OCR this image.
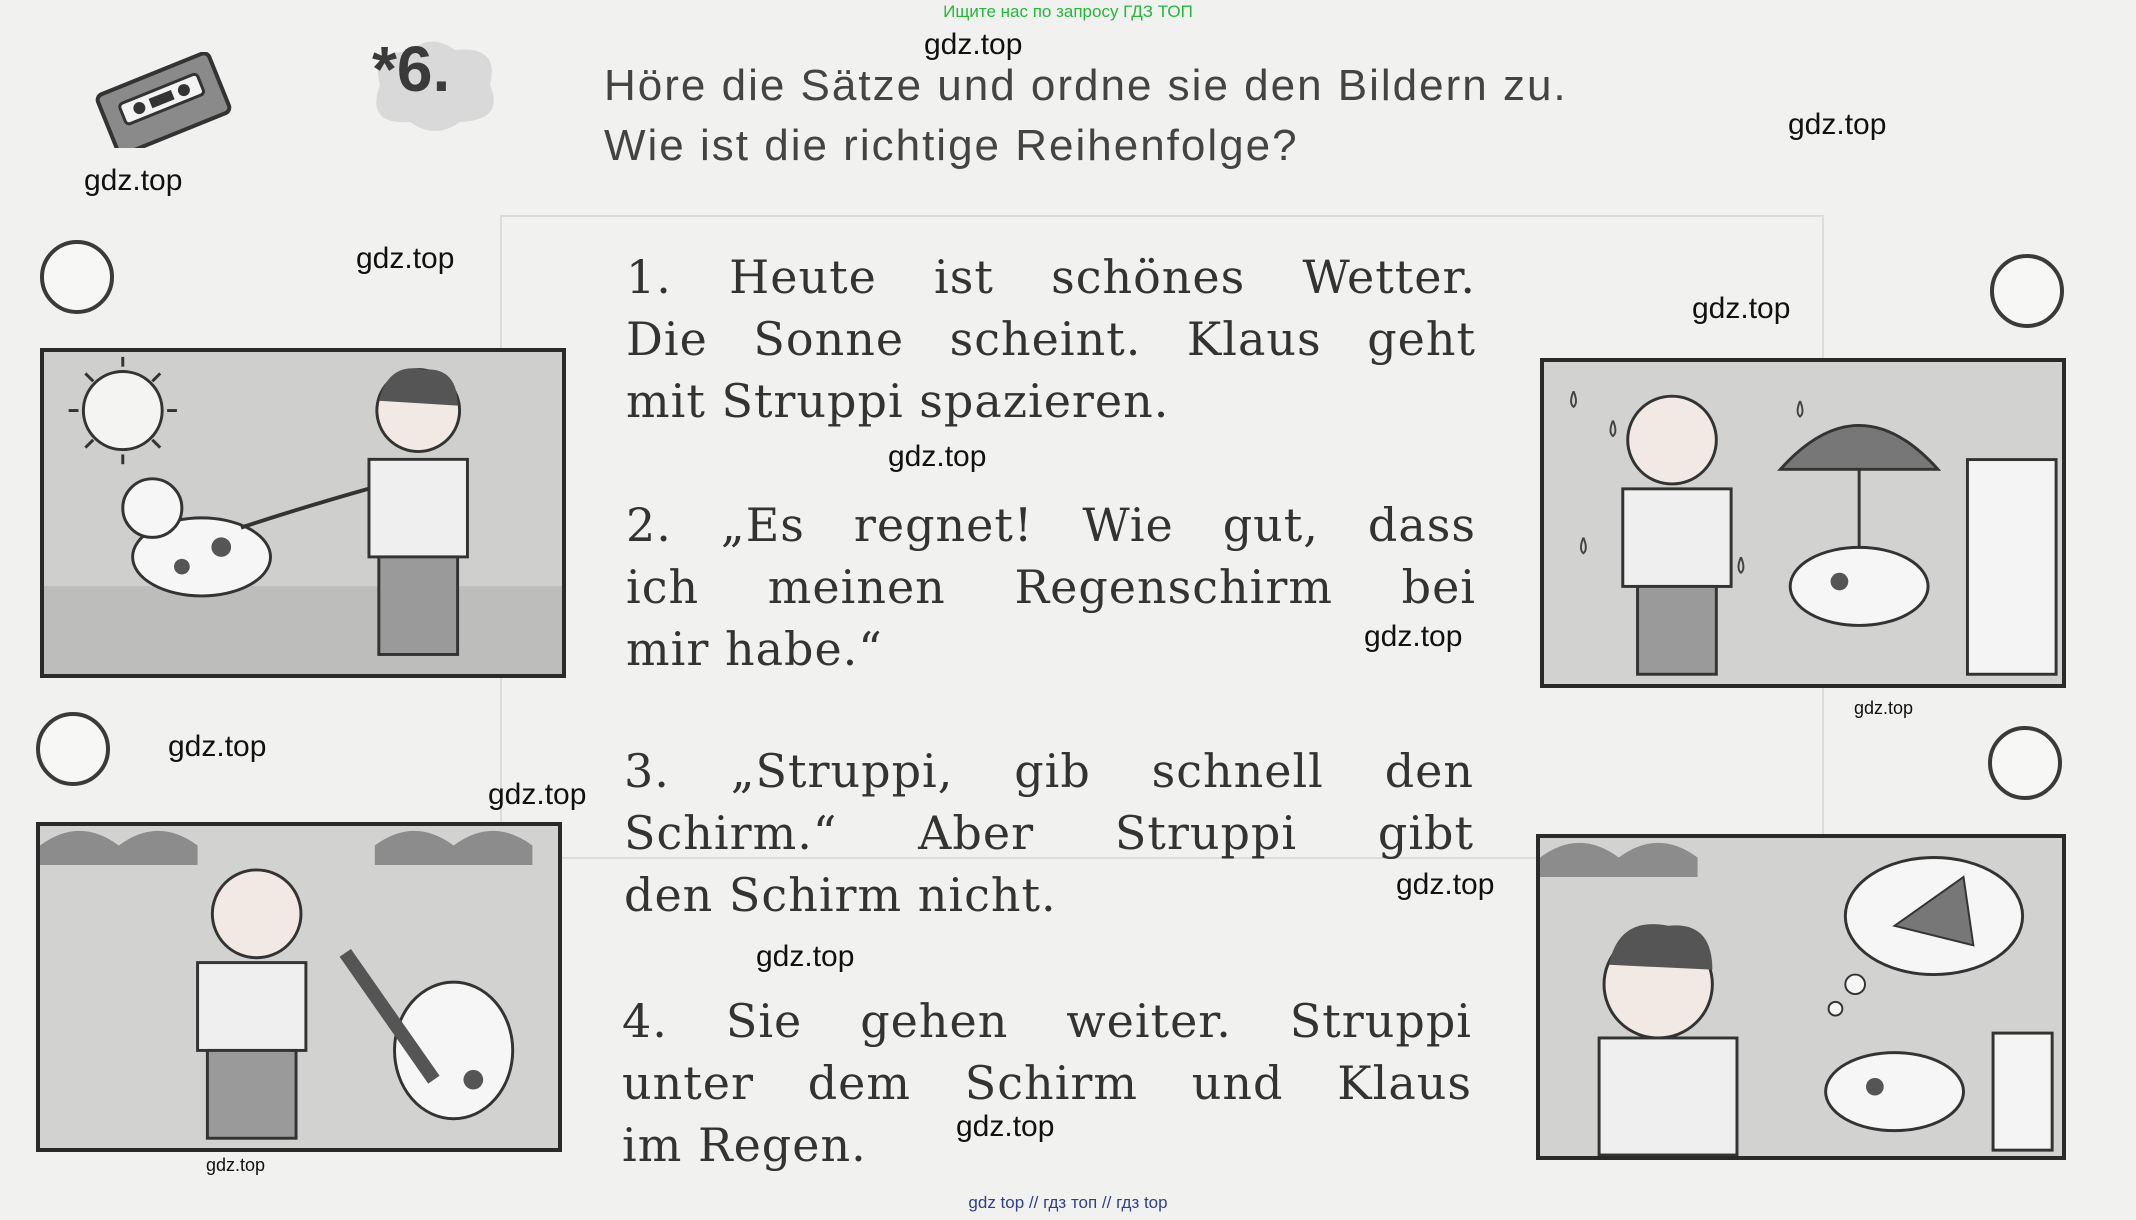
Ищите нас по запросу ГДЗ ТОП
gdz top // гдз топ // гдз top
*6.	Höre die Sätze und ordne sie den Bildern zu.
Wie ist die richtige Reihenfolge?
1. Heute ist schönes Wetter.
Die Sonne scheint. Klaus geht
mit Struppi spazieren.
2. „Es regnet! Wie gut, dass
ich meinen Regenschirm bei
mir habe.“
3. „Struppi, gib schnell den
Schirm.“ Aber Struppi gibt
den Schirm nicht.
4. Sie gehen weiter. Struppi
unter dem Schirm und Klaus
im Regen.
gdz.top
gdz.top
gdz.top
gdz.top
gdz.top
gdz.top
gdz.top
gdz.top
gdz.top
gdz.top
gdz.top
gdz.top
gdz.top
gdz.top
